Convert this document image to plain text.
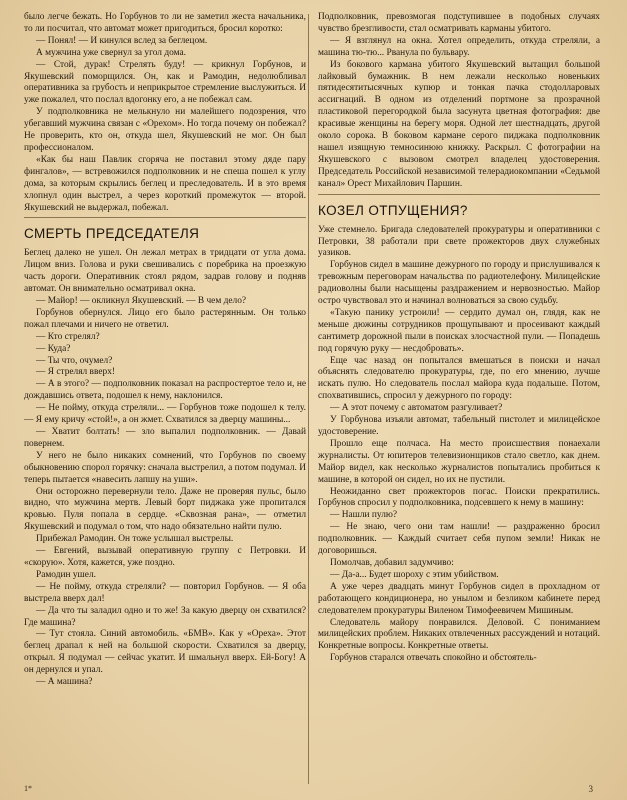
было легче бежать. Но Горбунов то ли не заметил жеста начальника, то ли посчитал, что автомат может пригодиться, бросил коротко:

— Понял! — И кинулся вслед за беглецом.

А мужчина уже свернул за угол дома.

— Стой, дурак! Стрелять буду! — крикнул Горбунов, и Якушевский поморщился. Он, как и Рамодин, недолюбливал оперативника за грубость и неприкрытое стремление выслужиться. И уже пожалел, что послал вдогонку его, а не побежал сам.

У подполковника не мелькнуло ни малейшего подозрения, что убегавший мужчина связан с «Орехом». Но тогда почему он побежал? Не проверить, кто он, откуда шел, Якушевский не мог. Он был профессионалом.

«Как бы наш Павлик сгоряча не поставил этому дяде пару фингалов», — встревожился подполковник и не спеша пошел к углу дома, за которым скрылись беглец и преследователь. И в это время хлопнул один выстрел, а через короткий промежуток — второй. Якушевский не выдержал, побежал.

СМЕРТЬ ПРЕДСЕДАТЕЛЯ

Беглец далеко не ушел. Он лежал метрах в тридцати от угла дома. Лицом вниз. Голова и руки свешивались с поребрика на проезжую часть дороги. Оперативник стоял рядом, задрав голову и подняв автомат. Он внимательно осматривал окна.

— Майор! — окликнул Якушевский. — В чем дело?

Горбунов обернулся. Лицо его было растерянным. Он только пожал плечами и ничего не ответил.

— Кто стрелял?

— Куда?

— Ты что, очумел?

— Я стрелял вверх!

— А в этого? — подполковник показал на распростертое тело и, не дождавшись ответа, подошел к нему, наклонился.

— Не пойму, откуда стреляли... — Горбунов тоже подошел к телу. — Я ему кричу «стой!», а он жмет. Схватился за дверцу машины...

— Хватит болтать! — зло выпалил подполковник. — Давай повернем.

У него не было никаких сомнений, что Горбунов по своему обыкновению спорол горячку: сначала выстрелил, а потом подумал. И теперь пытается «навесить лапшу на уши».

Они осторожно перевернули тело. Даже не проверяя пульс, было видно, что мужчина мертв. Левый борт пиджака уже пропитался кровью. Пуля попала в сердце. «Сквозная рана», — отметил Якушевский и подумал о том, что надо обязательно найти пулю.

Прибежал Рамодин. Он тоже услышал выстрелы.

— Евгений, вызывай оперативную группу с Петровки. И «скорую». Хотя, кажется, уже поздно.

Рамодин ушел.

— Не пойму, откуда стреляли? — повторил Горбунов. — Я оба выстрела вверх дал!

— Да что ты заладил одно и то же! За какую дверцу он схватился? Где машина?

— Тут стояла. Синий автомобиль. «БМВ». Как у «Ореха». Этот беглец драпал к ней на большой скорости. Схватился за дверцу, открыл. Я подумал — сейчас укатит. И шмальнул вверх. Ей-Богу! А он дернулся и упал.

— А машина?

Подполковник, превозмогая подступившее в подобных случаях чувство брезгливости, стал осматривать карманы убитого.

— Я взглянул на окна. Хотел определить, откуда стреляли, а машина тю-тю... Рванула по бульвару.

Из бокового кармана убитого Якушевский вытащил большой лайковый бумажник. В нем лежали несколько новеньких пятидесятитысячных купюр и тонкая пачка стодолларовых ассигнаций. В одном из отделений портмоне за прозрачной пластиковой перегородкой была засунута цветная фотография: две красивые женщины на берегу моря. Одной лет шестнадцать, другой около сорока. В боковом кармане серого пиджака подполковник нашел изящную темносинюю книжку. Раскрыл. С фотографии на Якушевского с вызовом смотрел владелец удостоверения. Председатель Российской независимой телерадиокомпании «Седьмой канал» Орест Михайлович Паршин.

КОЗЕЛ ОТПУЩЕНИЯ?

Уже стемнело. Бригада следователей прокуратуры и оперативники с Петровки, 38 работали при свете прожекторов двух служебных уазиков.

Горбунов сидел в машине дежурного по городу и прислушивался к тревожным переговорам начальства по радиотелефону. Милицейские радиоволны были насыщены раздражением и нервозностью. Майор остро чувствовал это и начинал волноваться за свою судьбу.

«Такую панику устроили! — сердито думал он, глядя, как не меньше дюжины сотрудников прощупывают и просеивают каждый сантиметр дорожной пыли в поисках злосчастной пули. — Попадешь под горячую руку — несдобровать».

Еще час назад он попытался вмешаться в поиски и начал объяснять следователю прокуратуры, где, по его мнению, лучше искать пулю. Но следователь послал майора куда подальше. Потом, спохватившись, спросил у дежурного по городу:

— А этот почему с автоматом разгуливает?

У Горбунова изъяли автомат, табельный пистолет и милицейское удостоверение.

Прошло еще полчаса. На место происшествия понаехали журналисты. От юпитеров телевизионщиков стало светло, как днем. Майор видел, как несколько журналистов попытались пробиться к машине, в которой он сидел, но их не пустили.

Неожиданно свет прожекторов погас. Поиски прекратились. Горбунов спросил у подполковника, подсевшего к нему в машину:

— Нашли пулю?

— Не знаю, чего они там нашли! — раздраженно бросил подполковник. — Каждый считает себя пупом земли! Никак не договоришься.

Помолчав, добавил задумчиво:

— Да-а... Будет шороху с этим убийством.

А уже через двадцать минут Горбунов сидел в прохладном от работающего кондиционера, но унылом и безликом кабинете перед следователем прокуратуры Виленом Тимофеевичем Мишиным.

Следователь майору понравился. Деловой. С пониманием милицейских проблем. Никаких отвлеченных рассуждений и нотаций. Конкретные вопросы. Конкретные ответы.

Горбунов старался отвечать спокойно и обстоятель-

1*	3
